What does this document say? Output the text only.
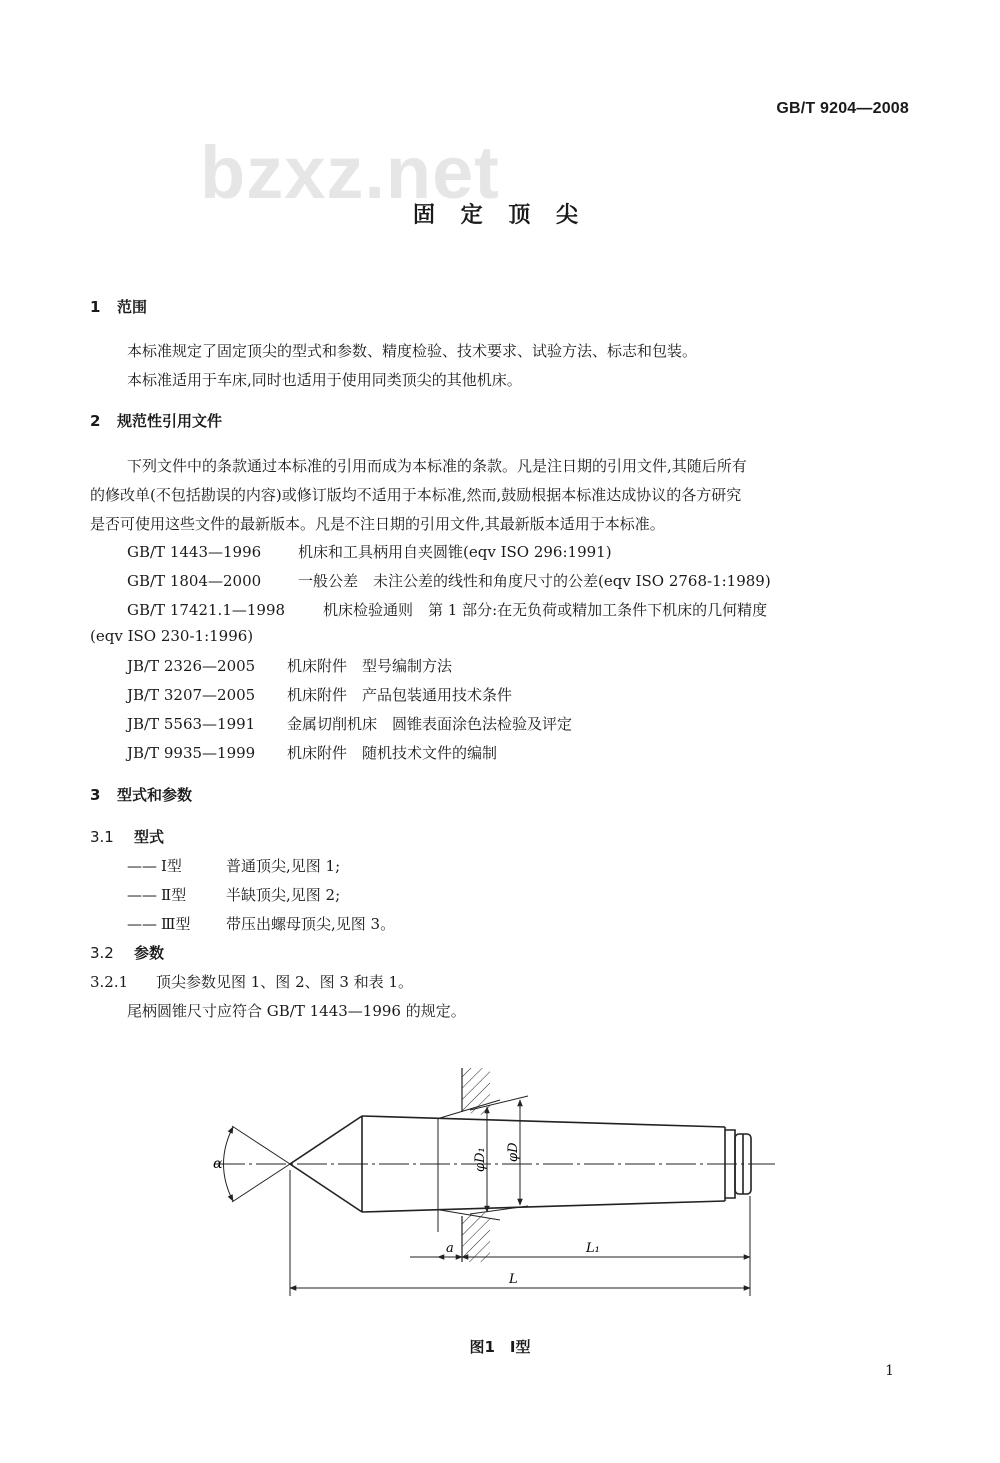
GB/T 9204—2008
bzxz.net
固 定 顶 尖
1 范围
本标准规定了固定顶尖的型式和参数、精度检验、技术要求、试验方法、标志和包装。
本标准适用于车床,同时也适用于使用同类顶尖的其他机床。
2 规范性引用文件
下列文件中的条款通过本标准的引用而成为本标准的条款。凡是注日期的引用文件,其随后所有
的修改单(不包括勘误的内容)或修订版均不适用于本标准,然而,鼓励根据本标准达成协议的各方研究
是否可使用这些文件的最新版本。凡是不注日期的引用文件,其最新版本适用于本标准。
GB/T 1443—1996 机床和工具柄用自夹圆锥(eqv ISO 296:1991)
GB/T 1804—2000 一般公差　未注公差的线性和角度尺寸的公差(eqv ISO 2768-1:1989)
GB/T 17421.1—1998	机床检验通则　第 1 部分:在无负荷或精加工条件下机床的几何精度
(eqv ISO 230-1:1996)
JB/T 2326—2005 机床附件　型号编制方法
JB/T 3207—2005 机床附件　产品包装通用技术条件
JB/T 5563—1991 金属切削机床　圆锥表面涂色法检验及评定
JB/T 9935—1999 机床附件　随机技术文件的编制
3 型式和参数
3.1 型式
—— Ⅰ型	普通顶尖,见图 1;
—— Ⅱ型	半缺顶尖,见图 2;
—— Ⅲ型 带压出螺母顶尖,见图 3。
3.2 参数
3.2.1 顶尖参数见图 1、图 2、图 3 和表 1。
尾柄圆锥尺寸应符合 GB/T 1443—1996 的规定。
φD₁ φD
α
a	L₁
L
图1　Ⅰ型
1
